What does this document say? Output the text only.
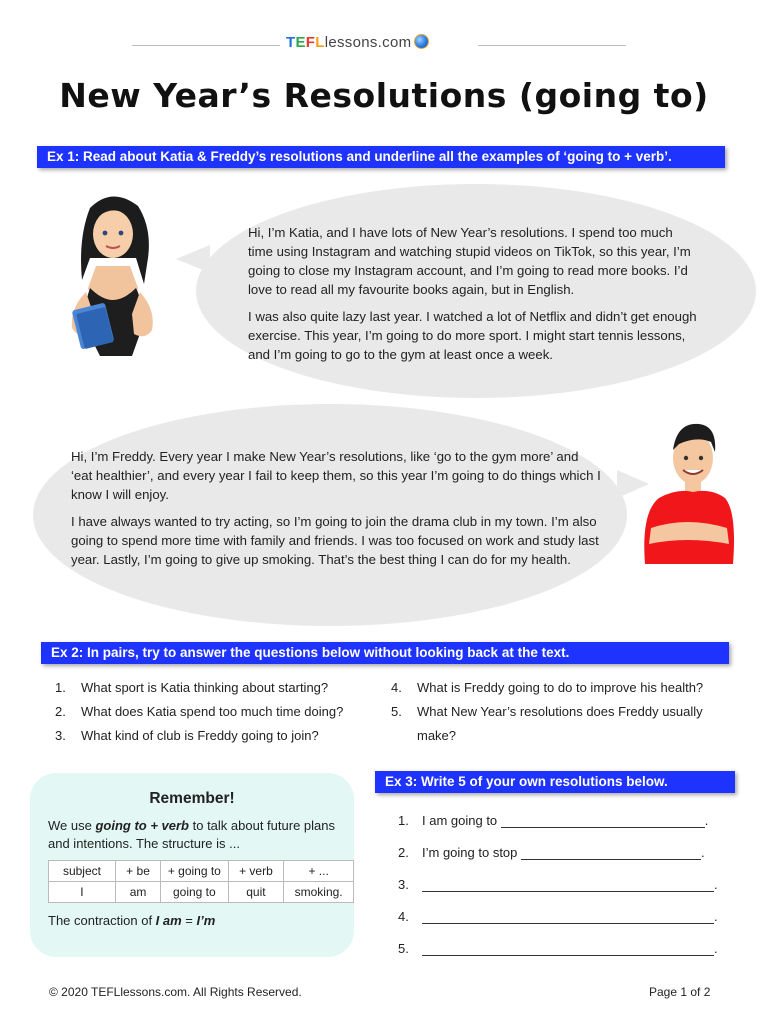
TEFLlessons.com
New Year’s Resolutions (going to)
Ex 1: Read about Katia & Freddy’s resolutions and underline all the examples of ‘going to + verb’.

Hi, I’m Katia, and I have lots of New Year’s resolutions. I spend too much time using Instagram and watching stupid videos on TikTok, so this year, I’m going to close my Instagram account, and I’m going to read more books. I’d love to read all my favourite books again, but in English.

I was also quite lazy last year. I watched a lot of Netflix and didn’t get enough exercise. This year, I’m going to do more sport. I might start tennis lessons, and I’m going to go to the gym at least once a week.

Hi, I’m Freddy. Every year I make New Year’s resolutions, like ‘go to the gym more’ and ‘eat healthier’, and every year I fail to keep them, so this year I’m going to do things which I know I will enjoy.

I have always wanted to try acting, so I’m going to join the drama club in my town. I’m also going to spend more time with family and friends. I was too focused on work and study last year. Lastly, I’m going to give up smoking. That’s the best thing I can do for my health.

Ex 2: In pairs, try to answer the questions below without looking back at the text.
1. What sport is Katia thinking about starting?
2. What does Katia spend too much time doing?
3. What kind of club is Freddy going to join?
4. What is Freddy going to do to improve his health?
5. What New Year’s resolutions does Freddy usually make?
Remember!
We use going to + verb to talk about future plans and intentions. The structure is ...
subject	+ be	+ going to	+ verb	+ ...
I	am	going to	quit	smoking.
The contraction of I am = I’m
Ex 3: Write 5 of your own resolutions below.
1. I am going to	.
2. I’m going to stop	.
3.	.
4.	.
5.	.
© 2020 TEFLlessons.com. All Rights Reserved.	Page 1 of 2
